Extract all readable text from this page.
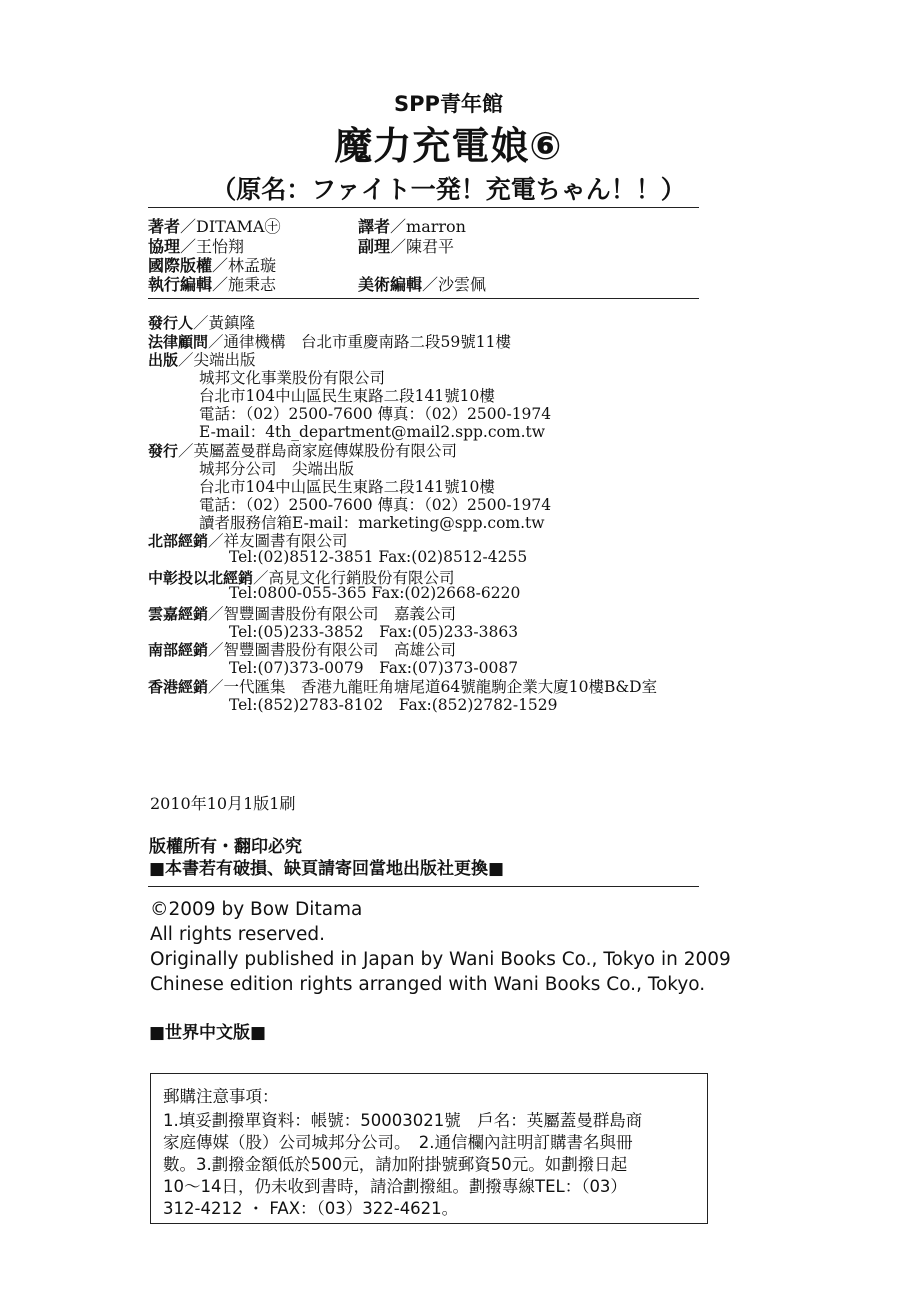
SPP青年館
魔力充電娘⑥
（原名：ファイト一発！充電ちゃん！！）
著者／DITAMA㊉	譯者／marron
協理／王怡翔	副理／陳君平
國際版權／林孟璇
執行編輯／施秉志	美術編輯／沙雲佩
發行人／黃鎮隆
法律顧問／通律機構　台北市重慶南路二段59號11樓
出版／尖端出版
城邦文化事業股份有限公司
台北市104中山區民生東路二段141號10樓
電話：（02）2500-7600 傳真：（02）2500-1974
E-mail：4th_department@mail2.spp.com.tw
發行／英屬蓋曼群島商家庭傳媒股份有限公司
城邦分公司　尖端出版
台北市104中山區民生東路二段141號10樓
電話：（02）2500-7600 傳真：（02）2500-1974
讀者服務信箱E-mail：marketing@spp.com.tw
北部經銷／祥友圖書有限公司
Tel:(02)8512-3851 Fax:(02)8512-4255
中彰投以北經銷／高見文化行銷股份有限公司
Tel:0800-055-365 Fax:(02)2668-6220
雲嘉經銷／智豐圖書股份有限公司　嘉義公司
Tel:(05)233-3852　Fax:(05)233-3863
南部經銷／智豐圖書股份有限公司　高雄公司
Tel:(07)373-0079　Fax:(07)373-0087
香港經銷／一代匯集　香港九龍旺角塘尾道64號龍駒企業大廈10樓B&D室
Tel:(852)2783-8102　Fax:(852)2782-1529
2010年10月1版1刷
版權所有・翻印必究
■本書若有破損、缺頁請寄回當地出版社更換■
©2009 by Bow Ditama
All rights reserved.
Originally published in Japan by Wani Books Co., Tokyo in 2009
Chinese edition rights arranged with Wani Books Co., Tokyo.
■世界中文版■
郵購注意事項：
1.填妥劃撥單資料：帳號：50003021號　戶名：英屬蓋曼群島商
家庭傳媒（股）公司城邦分公司。　2.通信欄內註明訂購書名與冊
數。3.劃撥金額低於500元，請加附掛號郵資50元。如劃撥日起
10～14日，仍未收到書時，請洽劃撥組。劃撥專線TEL：（03）
312-4212 ・ FAX：（03）322-4621。
